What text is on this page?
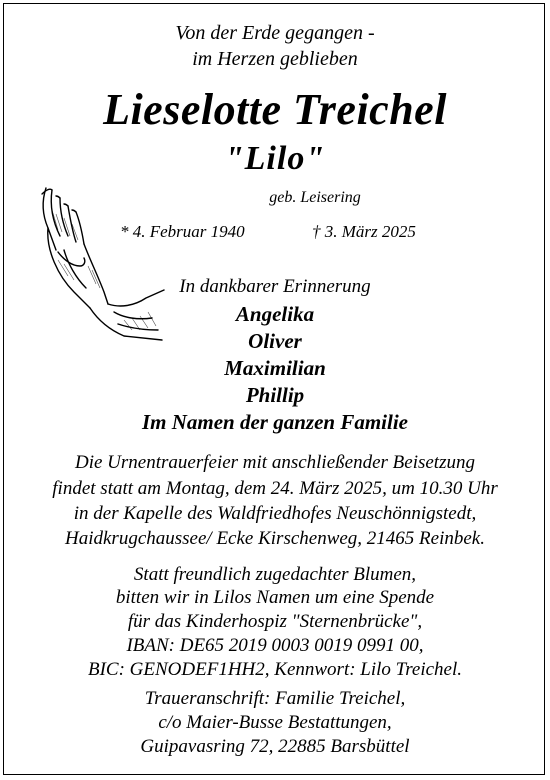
Von der Erde gegangen -
im Herzen geblieben
Lieselotte Treichel
"Lilo"
geb. Leisering
* 4. Februar 1940	† 3. März 2025
In dankbarer Erinnerung
Angelika
Oliver
Maximilian
Phillip
Im Namen der ganzen Familie
Die Urnentrauerfeier mit anschließender Beisetzung
findet statt am Montag, dem 24. März 2025, um 10.30 Uhr
in der Kapelle des Waldfriedhofes Neuschönnigstedt,
Haidkrugchaussee/ Ecke Kirschenweg, 21465 Reinbek.
Statt freundlich zugedachter Blumen,
bitten wir in Lilos Namen um eine Spende
für das Kinderhospiz "Sternenbrücke",
IBAN: DE65 2019 0003 0019 0991 00,
BIC: GENODEF1HH2, Kennwort: Lilo Treichel.
Traueranschrift: Familie Treichel,
c/o Maier-Busse Bestattungen,
Guipavasring 72, 22885 Barsbüttel
